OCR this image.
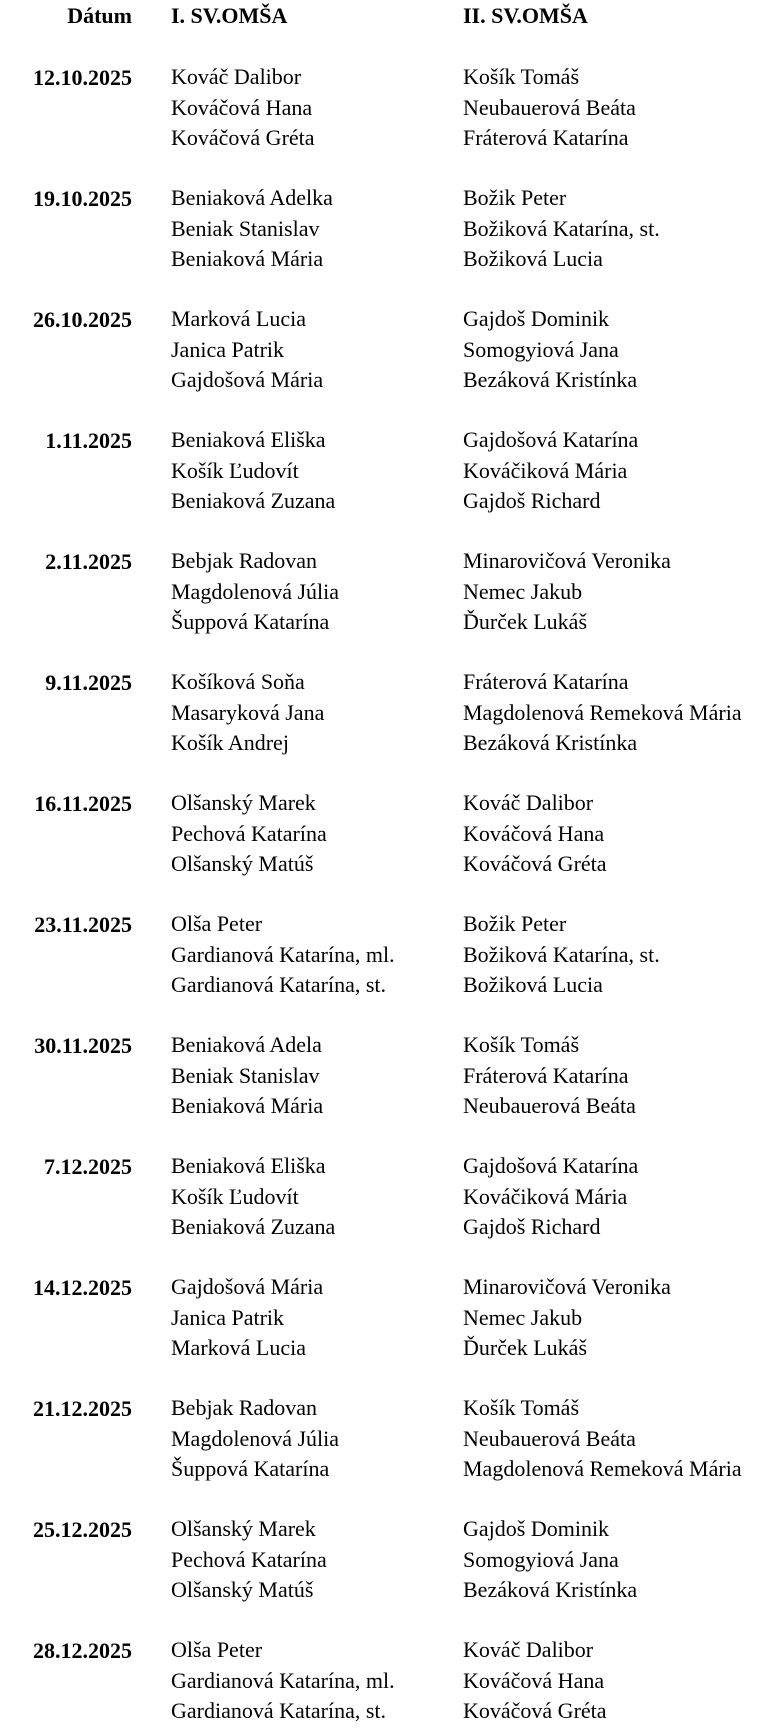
Dátum I. SV.OMŠA	II. SV.OMŠA
12.10.2025 Kováč Dalibor
Kováčová Hana
Kováčová Gréta
Košík Tomáš
Neubauerová Beáta
Fráterová Katarína
19.10.2025 Beniaková Adelka
Beniak Stanislav
Beniaková Mária
Božik Peter
Božiková Katarína, st.
Božiková Lucia
26.10.2025 Marková Lucia
Janica Patrik
Gajdošová Mária
Gajdoš Dominik
Somogyiová Jana
Bezáková Kristínka
1.11.2025 Beniaková Eliška
Košík Ľudovít
Beniaková Zuzana
Gajdošová Katarína
Kováčiková Mária
Gajdoš Richard
2.11.2025 Bebjak Radovan
Magdolenová Júlia
Šuppová Katarína
Minarovičová Veronika
Nemec Jakub
Ďurček Lukáš
9.11.2025 Košíková Soňa
Masaryková Jana
Košík Andrej
Fráterová Katarína
Magdolenová Remeková Mária
Bezáková Kristínka
16.11.2025 Olšanský Marek
Pechová Katarína
Olšanský Matúš
Kováč Dalibor
Kováčová Hana
Kováčová Gréta
23.11.2025 Olša Peter
Gardianová Katarína, ml.
Gardianová Katarína, st.
Božik Peter
Božiková Katarína, st.
Božiková Lucia
30.11.2025 Beniaková Adela
Beniak Stanislav
Beniaková Mária
Košík Tomáš
Fráterová Katarína
Neubauerová Beáta
7.12.2025 Beniaková Eliška
Košík Ľudovít
Beniaková Zuzana
Gajdošová Katarína
Kováčiková Mária
Gajdoš Richard
14.12.2025 Gajdošová Mária
Janica Patrik
Marková Lucia
Minarovičová Veronika
Nemec Jakub
Ďurček Lukáš
21.12.2025 Bebjak Radovan
Magdolenová Júlia
Šuppová Katarína
Košík Tomáš
Neubauerová Beáta
Magdolenová Remeková Mária
25.12.2025 Olšanský Marek
Pechová Katarína
Olšanský Matúš
Gajdoš Dominik
Somogyiová Jana
Bezáková Kristínka
28.12.2025 Olša Peter
Gardianová Katarína, ml.
Gardianová Katarína, st.
Kováč Dalibor
Kováčová Hana
Kováčová Gréta
